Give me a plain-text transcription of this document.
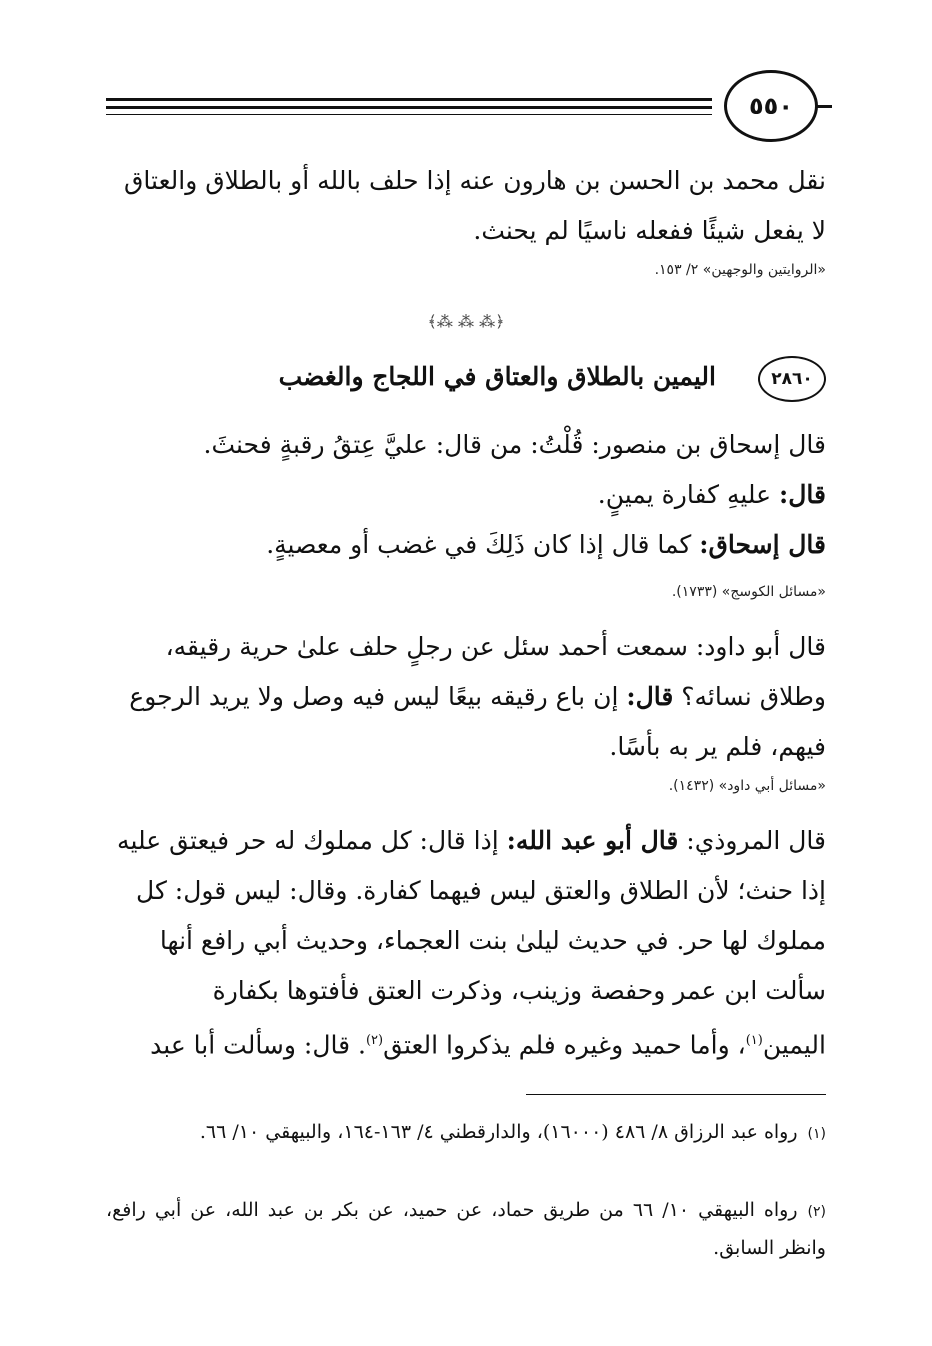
٥٥٠

نقل محمد بن الحسن بن هارون عنه إذا حلف بالله أو بالطلاق والعتاق

لا يفعل شيئًا ففعله ناسيًا لم يحنث.

«الروايتين والوجهين» ٢/ ١٥٣.
﴿⁂ ⁂ ⁂﴾
٢٨٦٠
اليمين بالطلاق والعتاق في اللجاج والغضب

قال إسحاق بن منصور: قُلْتُ: من قال: عليَّ عِتقُ رقبةٍ فحنثَ.

قال: عليهِ كفارة يمينٍ.

قال إسحاق: كما قال إذا كان ذَلِكَ في غضب أو معصيةٍ.

«مسائل الكوسج» (١٧٣٣).

قال أبو داود: سمعت أحمد سئل عن رجلٍ حلف علىٰ حرية رقيقه،

وطلاق نسائه؟ قال: إن باع رقيقه بيعًا ليس فيه وصل ولا يريد الرجوع

فيهم، فلم ير به بأسًا.

«مسائل أبي داود» (١٤٣٢).

قال المروذي: قال أبو عبد الله: إذا قال: كل مملوك له حر فيعتق عليه

إذا حنث؛ لأن الطلاق والعتق ليس فيهما كفارة. وقال: ليس قول: كل

مملوك لها حر. في حديث ليلىٰ بنت العجماء، وحديث أبي رافع أنها

سألت ابن عمر وحفصة وزينب، وذكرت العتق فأفتوها بكفارة

اليمين$^{(١)}$، وأما حميد وغيره فلم يذكروا العتق$^{(٢)}$. قال: وسألت أبا عبد

(١)رواه عبد الرزاق ٨/ ٤٨٦ (١٦٠٠٠)، والدارقطني ٤/ ١٦٣-١٦٤، والبيهقي ١٠/ ٦٦.
(٢)رواه البيهقي ١٠/ ٦٦ من طريق حماد، عن حميد، عن بكر بن عبد الله، عن أبي رافع، وانظر السابق.
